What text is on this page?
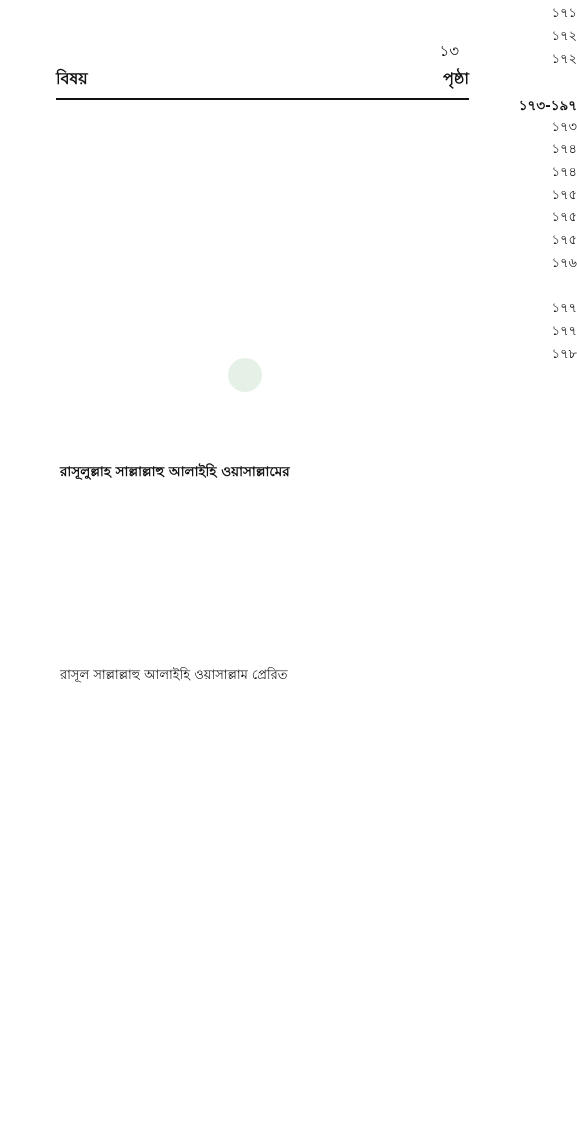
১৩
বিষয়	পৃষ্ঠা
১৭১
১৭২
১৭২
রাসূলুল্লাহ সাল্লাল্লাহু আলাইহি ওয়াসাল্লামের
১৭৩-১৯৭
১৭৩
১৭৪
১৭৪
১৭৫
১৭৫
১৭৫
১৭৬
রাসূল সাল্লাল্লাহু আলাইহি ওয়াসাল্লাম প্রেরিত
১৭৭
১৭৭
১৭৮
